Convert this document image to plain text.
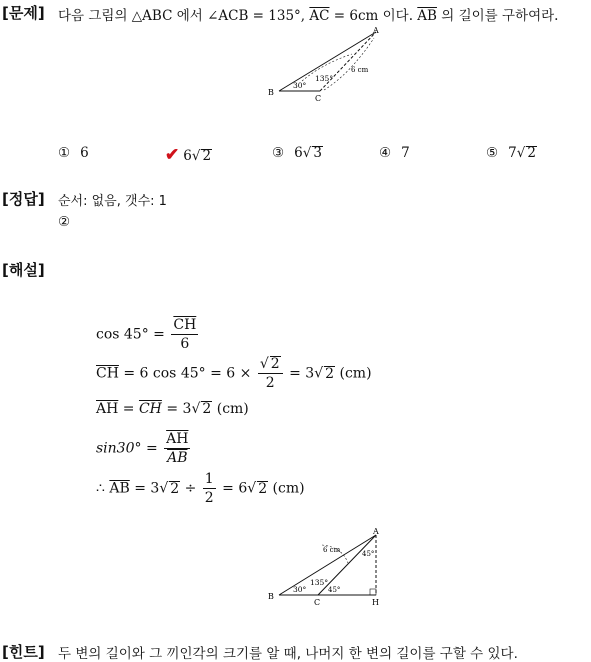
[문제] 다음 그림의 △ABC 에서 ∠ACB = 135°, $\overline{AC} = 6cm$ 이다. $\overline{AB}$ 의 길이를 구하여라.
A
B
C
30°
135°
6 cm
① 6	✔ 6√ 2	③ 6√ 3	④ 7	⑤ 7√ 2
[정답] 순서: 없음, 갯수: 1
②
[해설]
$\cos 45^\circ = \frac{\overline{CH}}{6}$
$\overline{CH} = 6$ $\cos 45^\circ = 6 \times \frac{√ 2}{2} = 3√$ 2 (cm)
$\overline{AH} = \overline{CH} = 3√$ 2 (cm)
$\sin 30^\circ = \frac{\overline{AH}}{AB}$
∴ $\overline{AB} = 3√$ $2 \div \frac{1}{2} = 6√$ 2 (cm)
A
B
C	H
30°
135°
45°
45°
6 cm
[힌트] 두 변의 길이와 그 끼인각의 크기를 알 때, 나머지 한 변의 길이를 구할 수 있다.
